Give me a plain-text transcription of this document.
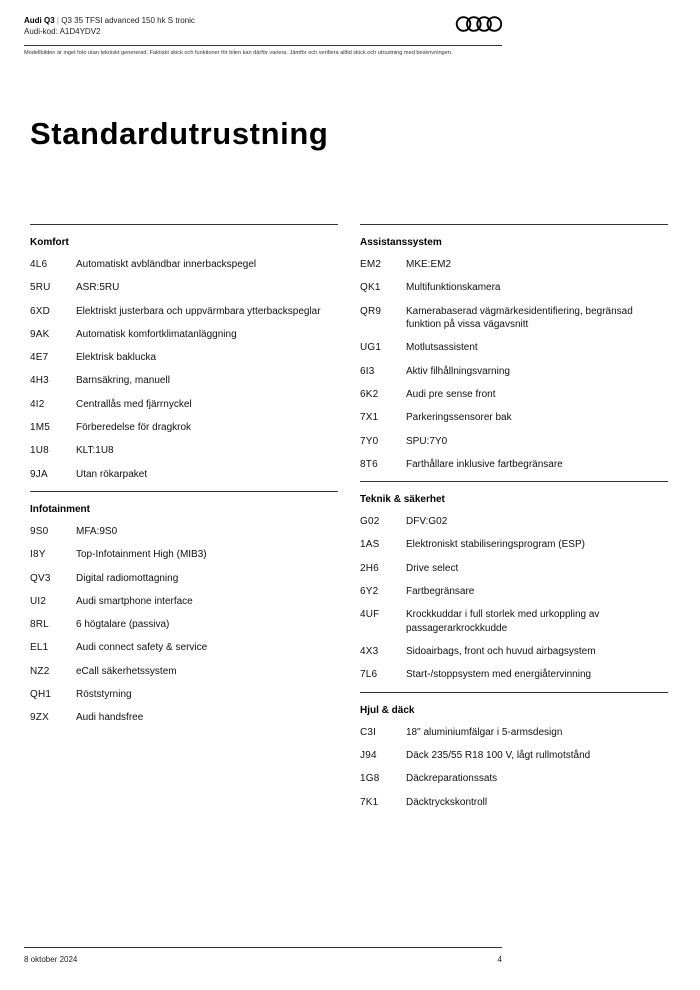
Audi Q3 | Q3 35 TFSI advanced 150 hk S tronic
Audi-kod: A1D4YDV2
Modellbilden är inget foto utan tekniskt genererad. Faktiskt skick och funktioner för bilen kan därför variera. Jämför och verifiera alltid skick och utrustning med beskrivningen.
Standardutrustning
Komfort
4L6	Automatiskt avbländbar innerbackspegel
5RU	ASR:5RU
6XD	Elektriskt justerbara och uppvärmbara ytterbackspeglar
9AK	Automatisk komfortklimatanläggning
4E7	Elektrisk baklucka
4H3	Barnsäkring, manuell
4I2	Centrallås med fjärrnyckel
1M5	Förberedelse för dragkrok
1U8	KLT:1U8
9JA	Utan rökarpaket
Infotainment
9S0	MFA:9S0
I8Y	Top-Infotainment High (MIB3)
QV3	Digital radiomottagning
UI2	Audi smartphone interface
8RL	6 högtalare (passiva)
EL1	Audi connect safety & service
NZ2	eCall säkerhetssystem
QH1	Röststyrning
9ZX	Audi handsfree
Assistanssystem
EM2	MKE:EM2
QK1	Multifunktionskamera
QR9	Kamerabaserad vägmärkesidentifiering, begränsad funktion på vissa vägavsnitt
UG1	Motlutsassistent
6I3	Aktiv filhållningsvarning
6K2	Audi pre sense front
7X1	Parkeringssensorer bak
7Y0	SPU:7Y0
8T6	Farthållare inklusive fartbegränsare
Teknik & säkerhet
G02	DFV:G02
1AS	Elektroniskt stabiliseringsprogram (ESP)
2H6	Drive select
6Y2	Fartbegränsare
4UF	Krockkuddar i full storlek med urkoppling av passagerarkrockkudde
4X3	Sidoairbags, front och huvud airbagsystem
7L6	Start-/stoppsystem med energiåtervinning
Hjul & däck
C3I	18" aluminiumfälgar i 5-armsdesign
J94	Däck 235/55 R18 100 V, lågt rullmotstånd
1G8	Däckreparationssats
7K1	Däcktryckskontroll
8 oktober 2024	4
